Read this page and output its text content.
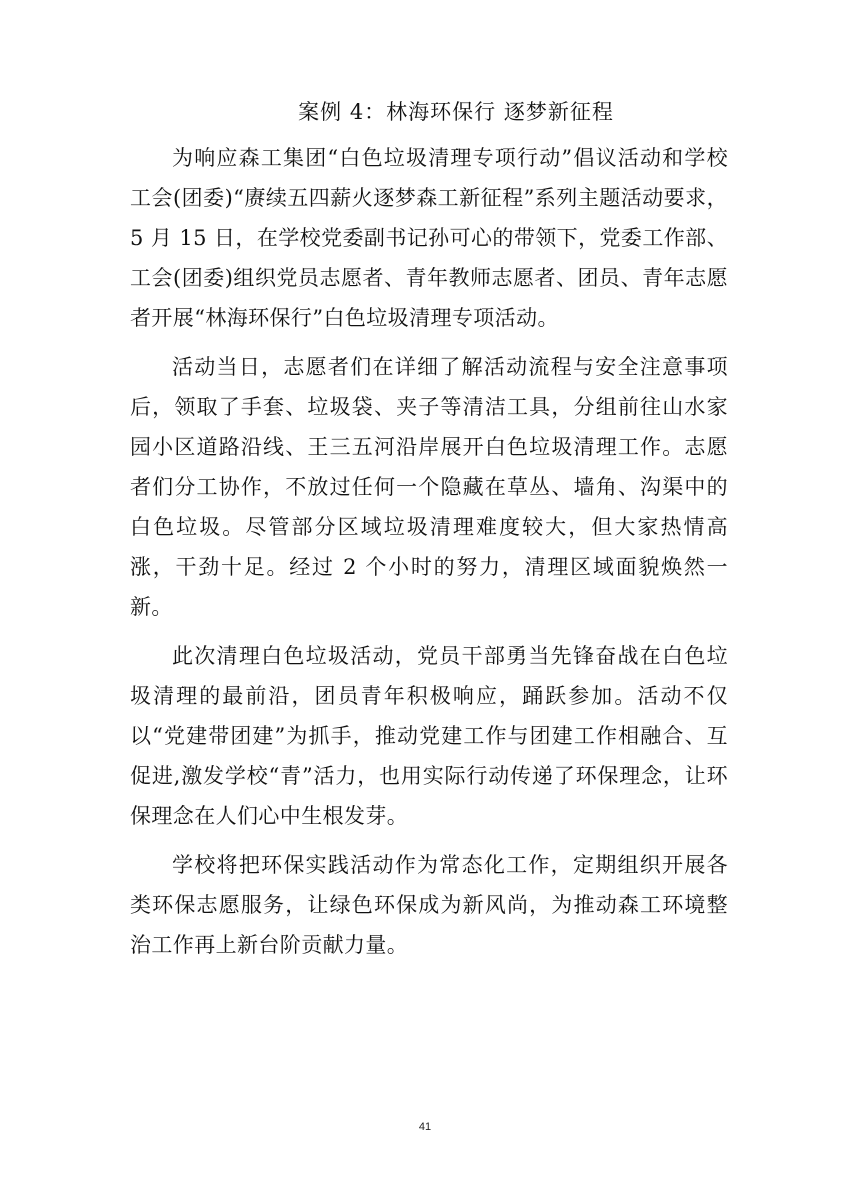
案例 4：林海环保行 逐梦新征程

为响应森工集团“白色垃圾清理专项行动”倡议活动和学校工会(团委)“赓续五四薪火逐梦森工新征程”系列主题活动要求，5 月 15 日，在学校党委副书记孙可心的带领下，党委工作部、工会(团委)组织党员志愿者、青年教师志愿者、团员、青年志愿者开展“林海环保行”白色垃圾清理专项活动。

活动当日，志愿者们在详细了解活动流程与安全注意事项后，领取了手套、垃圾袋、夹子等清洁工具，分组前往山水家园小区道路沿线、王三五河沿岸展开白色垃圾清理工作。志愿者们分工协作，不放过任何一个隐藏在草丛、墙角、沟渠中的白色垃圾。尽管部分区域垃圾清理难度较大，但大家热情高涨，干劲十足。经过 2 个小时的努力，清理区域面貌焕然一新。

此次清理白色垃圾活动，党员干部勇当先锋奋战在白色垃圾清理的最前沿，团员青年积极响应，踊跃参加。活动不仅以“党建带团建”为抓手，推动党建工作与团建工作相融合、互促进,激发学校“青”活力，也用实际行动传递了环保理念，让环保理念在人们心中生根发芽。

学校将把环保实践活动作为常态化工作，定期组织开展各类环保志愿服务，让绿色环保成为新风尚，为推动森工环境整治工作再上新台阶贡献力量。

41
